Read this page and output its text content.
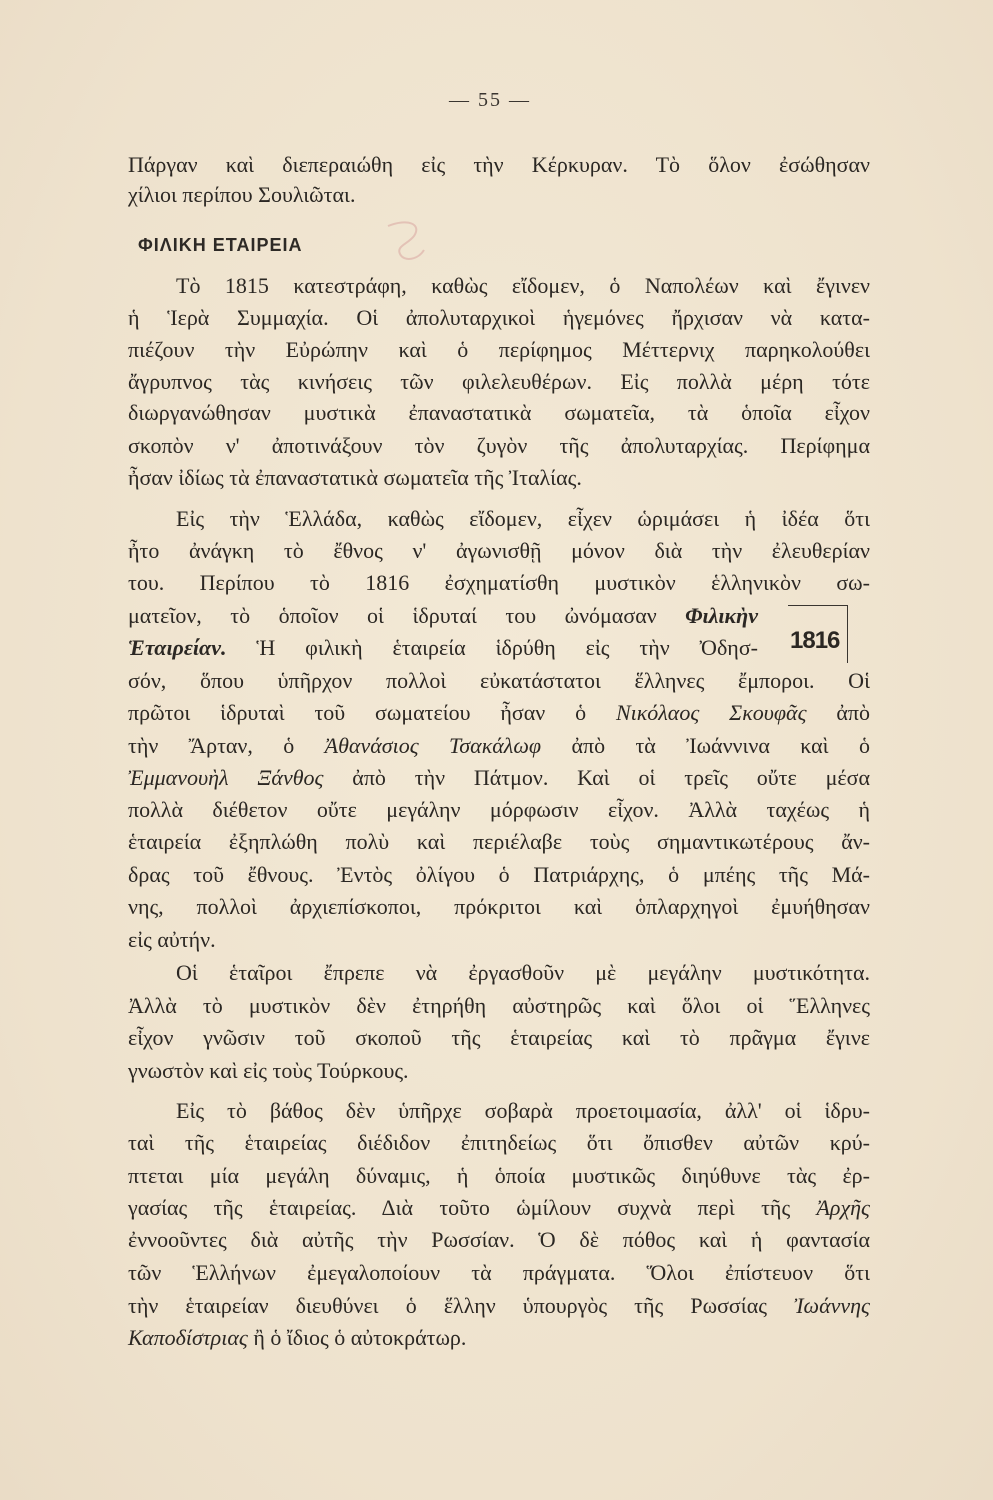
— 55 —
ΦΙΛΙΚΗ ΕΤΑΙΡΕΙΑ
1816
Πάργαν καὶ διεπεραιώθη εἰς τὴν Κέρκυραν. Τὸ ὅλον ἐσώθησαν
χίλιοι περίπου Σουλιῶται.
Τὸ 1815 κατεστράφη, καθὼς εἴδομεν, ὁ Ναπολέων καὶ ἔγινεν
ἡ Ἱερὰ Συμμαχία. Οἱ ἀπολυταρχικοὶ ἡγεμόνες ἤρχισαν νὰ κατα-
πιέζουν τὴν Εὐρώπην καὶ ὁ περίφημος Μέττερνιχ παρηκολούθει
ἄγρυπνος τὰς κινήσεις τῶν φιλελευθέρων. Εἰς πολλὰ μέρη τότε
διωργανώθησαν μυστικὰ ἐπαναστατικὰ σωματεῖα, τὰ ὁποῖα εἶχον
σκοπὸν ν' ἀποτινάξουν τὸν ζυγὸν τῆς ἀπολυταρχίας. Περίφημα
ἦσαν ἰδίως τὰ ἐπαναστατικὰ σωματεῖα τῆς Ἰταλίας.
Εἰς τὴν Ἑλλάδα, καθὼς εἴδομεν, εἶχεν ὡριμάσει ἡ ἰδέα ὅτι
ἦτο ἀνάγκη τὸ ἔθνος ν' ἀγωνισθῇ μόνον διὰ τὴν ἐλευθερίαν
του. Περίπου τὸ 1816 ἐσχηματίσθη μυστικὸν ἑλληνικὸν σω-
ματεῖον, τὸ ὁποῖον οἱ ἱδρυταί του ὠνόμασαν Φιλικὴν
Ἑταιρείαν. Ἡ φιλικὴ ἑταιρεία ἱδρύθη εἰς τὴν Ὀδησ-
σόν, ὅπου ὑπῆρχον πολλοὶ εὐκατάστατοι ἕλληνες ἔμποροι. Οἱ
πρῶτοι ἱδρυταὶ τοῦ σωματείου ἦσαν ὁ Νικόλαος Σκουφᾶς ἀπὸ
τὴν Ἄρταν, ὁ Ἀθανάσιος Τσακάλωφ ἀπὸ τὰ Ἰωάννινα καὶ ὁ
Ἐμμανουὴλ Ξάνθος ἀπὸ τὴν Πάτμον. Καὶ οἱ τρεῖς οὔτε μέσα
πολλὰ διέθετον οὔτε μεγάλην μόρφωσιν εἶχον. Ἀλλὰ ταχέως ἡ
ἑταιρεία ἐξηπλώθη πολὺ καὶ περιέλαβε τοὺς σημαντικωτέρους ἄν-
δρας τοῦ ἔθνους. Ἐντὸς ὀλίγου ὁ Πατριάρχης, ὁ μπέης τῆς Μά-
νης, πολλοὶ ἀρχιεπίσκοποι, πρόκριτοι καὶ ὁπλαρχηγοὶ ἐμυήθησαν
εἰς αὐτήν.
Οἱ ἑταῖροι ἔπρεπε νὰ ἐργασθοῦν μὲ μεγάλην μυστικότητα.
Ἀλλὰ τὸ μυστικὸν δὲν ἐτηρήθη αὐστηρῶς καὶ ὅλοι οἱ Ἕλληνες
εἶχον γνῶσιν τοῦ σκοποῦ τῆς ἑταιρείας καὶ τὸ πρᾶγμα ἔγινε
γνωστὸν καὶ εἰς τοὺς Τούρκους.
Εἰς τὸ βάθος δὲν ὑπῆρχε σοβαρὰ προετοιμασία, ἀλλ' οἱ ἱδρυ-
ταὶ τῆς ἑταιρείας διέδιδον ἐπιτηδείως ὅτι ὄπισθεν αὐτῶν κρύ-
πτεται μία μεγάλη δύναμις, ἡ ὁποία μυστικῶς διηύθυνε τὰς ἐρ-
γασίας τῆς ἑταιρείας. Διὰ τοῦτο ὡμίλουν συχνὰ περὶ τῆς Ἀρχῆς
ἐννοοῦντες διὰ αὐτῆς τὴν Ρωσσίαν. Ὁ δὲ πόθος καὶ ἡ φαντασία
τῶν Ἑλλήνων ἐμεγαλοποίουν τὰ πράγματα. Ὅλοι ἐπίστευον ὅτι
τὴν ἑταιρείαν διευθύνει ὁ ἕλλην ὑπουργὸς τῆς Ρωσσίας Ἰωάννης
Καποδίστριας ἢ ὁ ἴδιος ὁ αὐτοκράτωρ.
